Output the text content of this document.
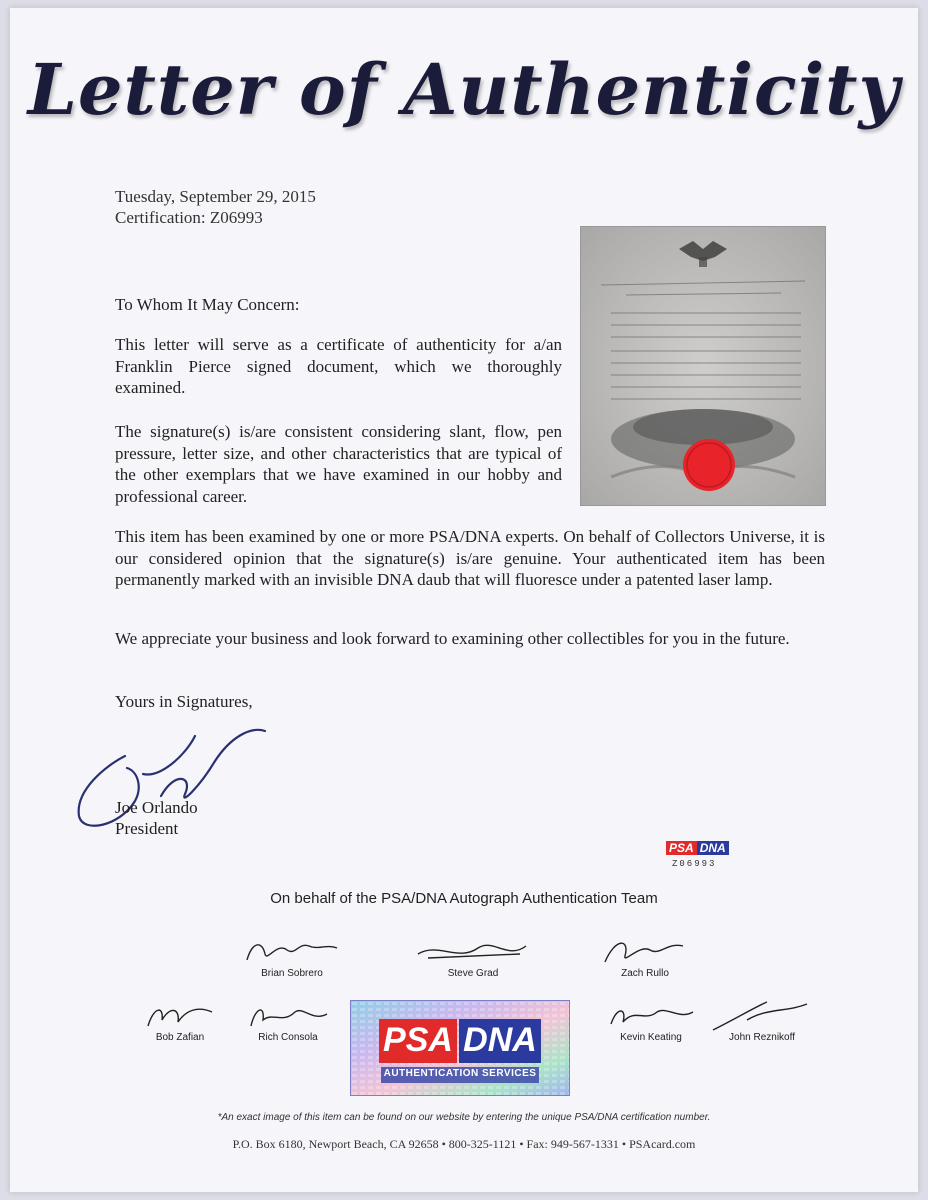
Letter of Authenticity
Tuesday, September 29, 2015
Certification: Z06993
To Whom It May Concern:
This letter will serve as a certificate of authenticity for a/an Franklin Pierce signed document, which we thoroughly examined.
The signature(s) is/are consistent considering slant, flow, pen pressure, letter size, and other characteristics that are typical of the other exemplars that we have examined in our hobby and professional career.
This item has been examined by one or more PSA/DNA experts. On behalf of Collectors Universe, it is our considered opinion that the signature(s) is/are genuine. Your authenticated item has been permanently marked with an invisible DNA daub that will fluoresce under a patented laser lamp.
We appreciate your business and look forward to examining other collectibles for you in the future.
Yours in Signatures,
Joe Orlando
President
PSA DNA
Z06993
On behalf of the PSA/DNA Autograph Authentication Team
Brian Sobrero	Steve Grad	Zach Rullo
Bob Zafian	Rich Consola	Kevin Keating	John Reznikoff
PSA DNA
AUTHENTICATION SERVICES
*An exact image of this item can be found on our website by entering the unique PSA/DNA certification number.
P.O. Box 6180, Newport Beach, CA 92658 • 800-325-1121 • Fax: 949-567-1331 • PSAcard.com
